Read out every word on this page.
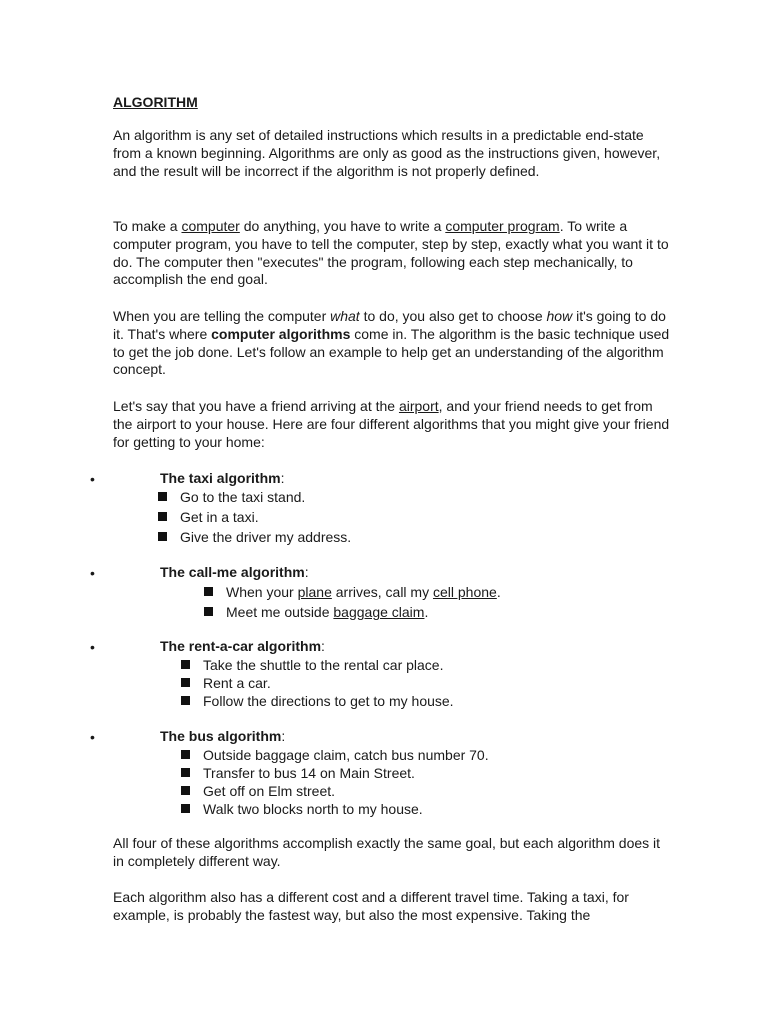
ALGORITHM

An algorithm is any set of detailed instructions which results in a predictable end-state from a known beginning. Algorithms are only as good as the instructions given, however, and the result will be incorrect if the algorithm is not properly defined.

To make a computer do anything, you have to write a computer program. To write a computer program, you have to tell the computer, step by step, exactly what you want it to do. The computer then "executes" the program, following each step mechanically, to accomplish the end goal.

When you are telling the computer what to do, you also get to choose how it's going to do it. That's where computer algorithms come in. The algorithm is the basic technique used to get the job done. Let's follow an example to help get an understanding of the algorithm concept.

Let's say that you have a friend arriving at the airport, and your friend needs to get from the airport to your house. Here are four different algorithms that you might give your friend for getting to your home:

•	The taxi algorithm:
Go to the taxi stand.
Get in a taxi.
Give the driver my address.
•	The call-me algorithm:
When your plane arrives, call my cell phone.
Meet me outside baggage claim.
•	The rent-a-car algorithm:
Take the shuttle to the rental car place.
Rent a car.
Follow the directions to get to my house.
•	The bus algorithm:
Outside baggage claim, catch bus number 70.
Transfer to bus 14 on Main Street.
Get off on Elm street.
Walk two blocks north to my house.

All four of these algorithms accomplish exactly the same goal, but each algorithm does it in completely different way.

Each algorithm also has a different cost and a different travel time. Taking a taxi, for example, is probably the fastest way, but also the most expensive. Taking the
